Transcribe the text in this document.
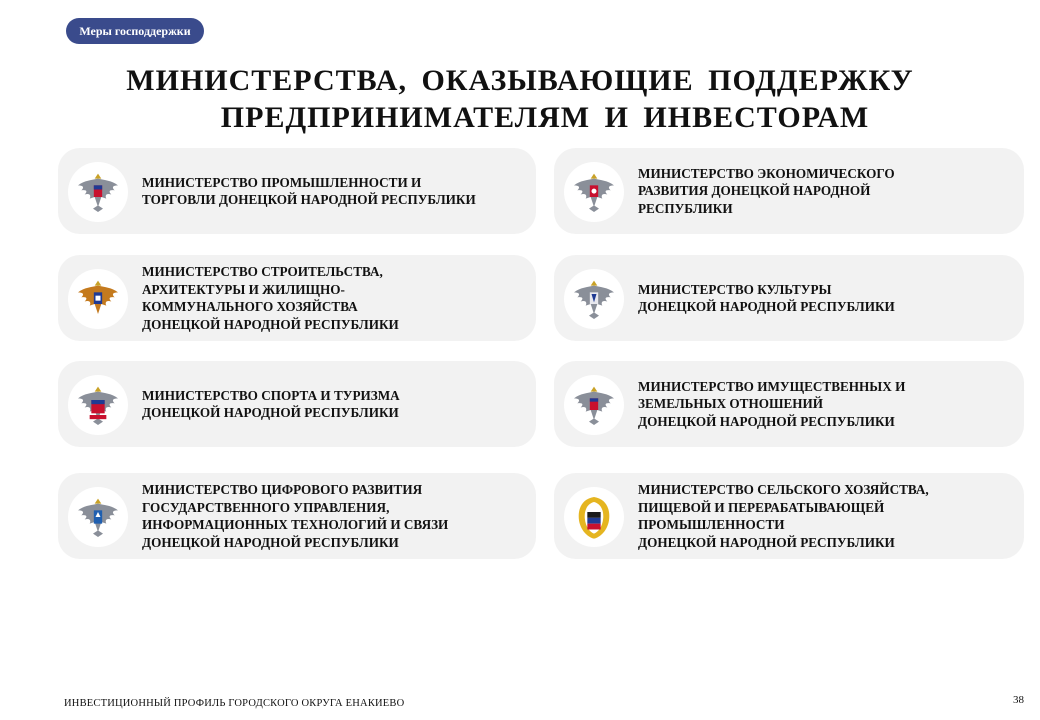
Меры господдержки
МИНИСТЕРСТВА, ОКАЗЫВАЮЩИЕ ПОДДЕРЖКУ
ПРЕДПРИНИМАТЕЛЯМ И ИНВЕСТОРАМ
МИНИСТЕРСТВО ПРОМЫШЛЕННОСТИ И
ТОРГОВЛИ ДОНЕЦКОЙ НАРОДНОЙ РЕСПУБЛИКИ
МИНИСТЕРСТВО ЭКОНОМИЧЕСКОГО
РАЗВИТИЯ ДОНЕЦКОЙ НАРОДНОЙ
РЕСПУБЛИКИ
МИНИСТЕРСТВО СТРОИТЕЛЬСТВА,
АРХИТЕКТУРЫ И ЖИЛИЩНО-
КОММУНАЛЬНОГО ХОЗЯЙСТВА
ДОНЕЦКОЙ НАРОДНОЙ РЕСПУБЛИКИ
МИНИСТЕРСТВО КУЛЬТУРЫ
ДОНЕЦКОЙ НАРОДНОЙ РЕСПУБЛИКИ
МИНИСТЕРСТВО СПОРТА И ТУРИЗМА
ДОНЕЦКОЙ НАРОДНОЙ РЕСПУБЛИКИ
МИНИСТЕРСТВО ИМУЩЕСТВЕННЫХ И
ЗЕМЕЛЬНЫХ ОТНОШЕНИЙ
ДОНЕЦКОЙ НАРОДНОЙ РЕСПУБЛИКИ
МИНИСТЕРСТВО ЦИФРОВОГО РАЗВИТИЯ
ГОСУДАРСТВЕННОГО УПРАВЛЕНИЯ,
ИНФОРМАЦИОННЫХ ТЕХНОЛОГИЙ И СВЯЗИ
ДОНЕЦКОЙ НАРОДНОЙ РЕСПУБЛИКИ
МИНИСТЕРСТВО СЕЛЬСКОГО ХОЗЯЙСТВА,
ПИЩЕВОЙ И ПЕРЕРАБАТЫВАЮЩЕЙ
ПРОМЫШЛЕННОСТИ
ДОНЕЦКОЙ НАРОДНОЙ РЕСПУБЛИКИ
ИНВЕСТИЦИОННЫЙ ПРОФИЛЬ ГОРОДСКОГО ОКРУГА ЕНАКИЕВО	38
